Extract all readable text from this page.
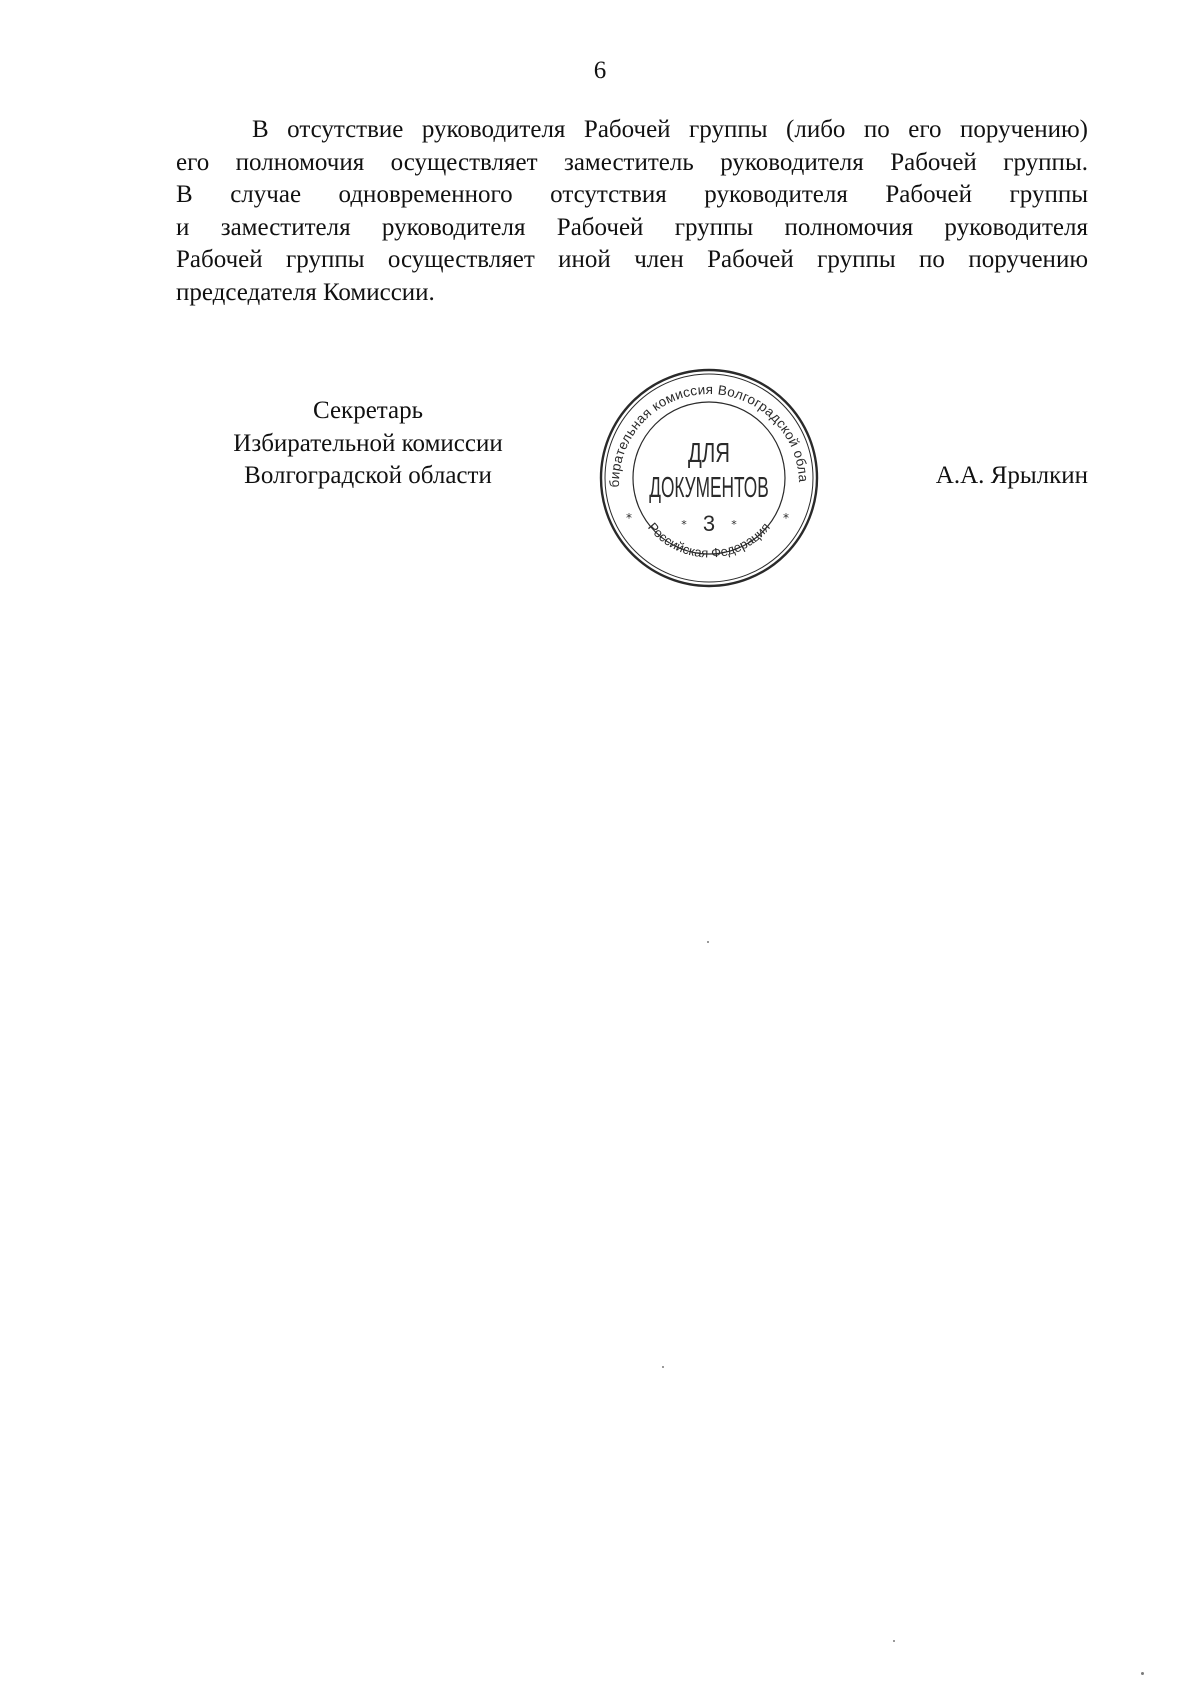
6
В отсутствие руководителя Рабочей группы (либо по его поручению)
его полномочия осуществляет заместитель руководителя Рабочей группы.
В случае одновременного отсутствия руководителя Рабочей группы
и заместителя руководителя Рабочей группы полномочия руководителя
Рабочей группы осуществляет иной член Рабочей группы по поручению
председателя Комиссии.
Секретарь
Избирательной комиссии
Волгоградской области	бирательная комиссия Волгоградской обла
Российская Федерация
*	*
ДЛЯ
ДОКУМЕНТОВ
* 3 *
А.А. Ярылкин
